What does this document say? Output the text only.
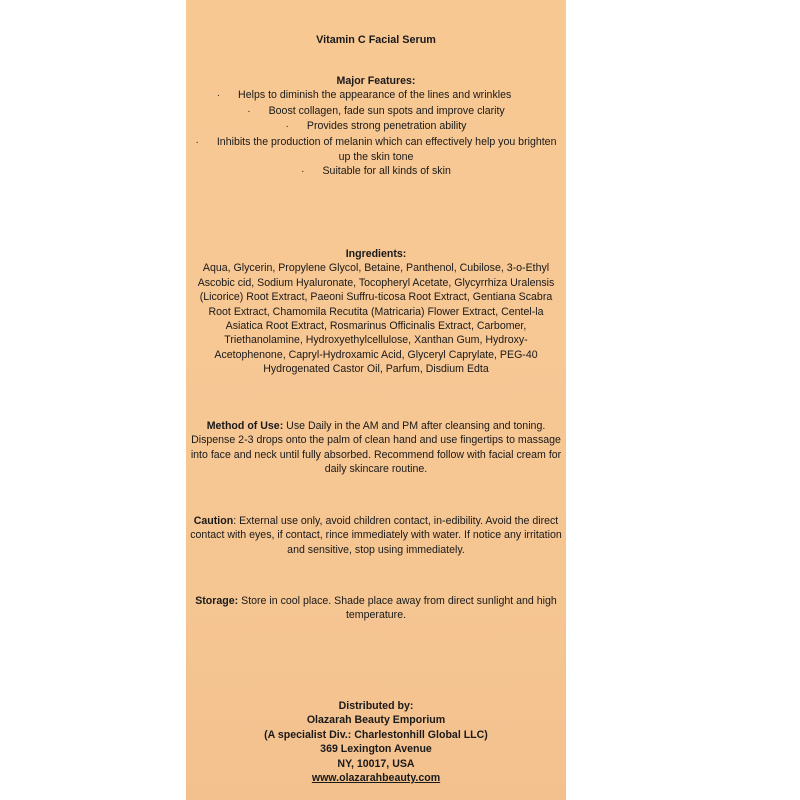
Vitamin C Facial Serum
Major Features:
· Helps to diminish the appearance of the lines and wrinkles
· Boost collagen, fade sun spots and improve clarity
· Provides strong penetration ability
· Inhibits the production of melanin which can effectively help you brighten up the skin tone
· Suitable for all kinds of skin
Ingredients:
Aqua, Glycerin, Propylene Glycol, Betaine, Panthenol, Cubilose, 3-o-Ethyl Ascobic cid, Sodium Hyaluronate, Tocopheryl Acetate, Glycyrrhiza Uralensis (Licorice) Root Extract, Paeoni Suffru-ticosa Root Extract, Gentiana Scabra Root Extract, Chamomila Recutita (Matricaria) Flower Extract, Centel-la Asiatica Root Extract, Rosmarinus Officinalis Extract, Carbomer, Triethanolamine, Hydroxyethylcellulose, Xanthan Gum, Hydroxy-Acetophenone, Capryl-Hydroxamic Acid, Glyceryl Caprylate, PEG-40 Hydrogenated Castor Oil, Parfum, Disdium Edta
Method of Use: Use Daily in the AM and PM after cleansing and toning. Dispense 2-3 drops onto the palm of clean hand and use fingertips to massage into face and neck until fully absorbed. Recommend follow with facial cream for daily skincare routine.
Caution: External use only, avoid children contact, in-edibility. Avoid the direct contact with eyes, if contact, rince immediately with water. If notice any irritation and sensitive, stop using immediately.
Storage: Store in cool place. Shade place away from direct sunlight and high temperature.
Distributed by:
Olazarah Beauty Emporium
(A specialist Div.: Charlestonhill Global LLC)
369 Lexington Avenue
NY, 10017, USA
www.olazarahbeauty.com
